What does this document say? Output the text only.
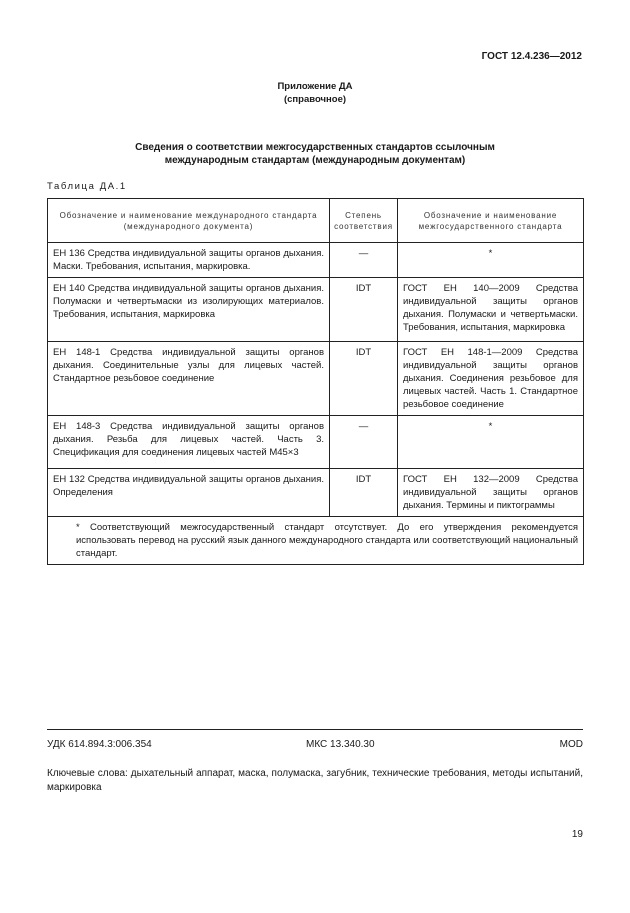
ГОСТ 12.4.236—2012
Приложение ДА
(справочное)
Сведения о соответствии межгосударственных стандартов ссылочным
международным стандартам (международным документам)
Таблица ДА.1
Обозначение и наименование международного стандарта (международного документа)	Степень соответствия	Обозначение и наименование межгосударственного стандарта
ЕН 136 Средства индивидуальной защиты органов дыхания. Маски. Требования, испытания, маркировка.	—	*
ЕН 140 Средства индивидуальной защиты органов дыхания. Полумаски и четвертьмаски из изолирующих материалов. Требования, испытания, маркировка	IDT	ГОСТ ЕН 140—2009 Средства индивидуальной защиты органов дыхания. Полумаски и четвертьмаски. Требования, испытания, маркировка
ЕН 148-1 Средства индивидуальной защиты органов дыхания. Соединительные узлы для лицевых частей. Стандартное резьбовое соединение	IDT	ГОСТ ЕН 148-1—2009 Средства индивидуальной защиты органов дыхания. Соединения резьбовое для лицевых частей. Часть 1. Стандартное резьбовое соединение
ЕН 148-3 Средства индивидуальной защиты органов дыхания. Резьба для лицевых частей. Часть 3. Спецификация для соединения лицевых частей М45×3	—	*
ЕН 132 Средства индивидуальной защиты органов дыхания. Определения	IDT	ГОСТ ЕН 132—2009 Средства индивидуальной защиты органов дыхания. Термины и пиктограммы
* Соответствующий межгосударственный стандарт отсутствует. До его утверждения рекомендуется использовать перевод на русский язык данного международного стандарта или соответствующий национальный стандарт.		
УДК 614.894.3:006.354	МКС 13.340.30	MOD
Ключевые слова: дыхательный аппарат, маска, полумаска, загубник, технические требования, методы испытаний, маркировка
19
